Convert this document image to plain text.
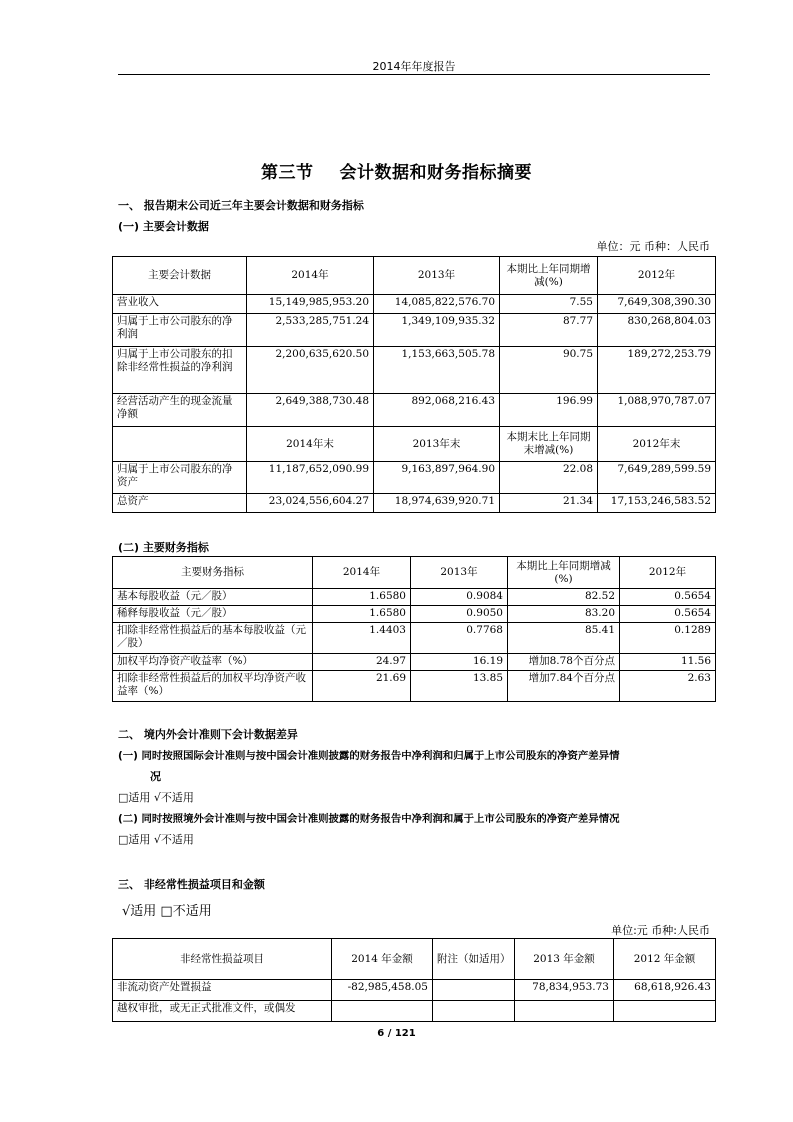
2014年年度报告
第三节 会计数据和财务指标摘要
一、 报告期末公司近三年主要会计数据和财务指标
(一) 主要会计数据
单位：元 币种：人民币
主要会计数据	2014年	2013年	本期比上年同期增减(%)	2012年
营业收入	15,149,985,953.20	14,085,822,576.70	7.55	7,649,308,390.30
归属于上市公司股东的净利润	2,533,285,751.24	1,349,109,935.32	87.77	830,268,804.03
归属于上市公司股东的扣除非经常性损益的净利润	2,200,635,620.50	1,153,663,505.78	90.75	189,272,253.79
经营活动产生的现金流量净额	2,649,388,730.48	892,068,216.43	196.99	1,088,970,787.07
	2014年末	2013年末	本期末比上年同期末增减(%)	2012年末
归属于上市公司股东的净资产	11,187,652,090.99	9,163,897,964.90	22.08	7,649,289,599.59
总资产	23,024,556,604.27	18,974,639,920.71	21.34	17,153,246,583.52
(二) 主要财务指标
主要财务指标	2014年	2013年	本期比上年同期增减(%)	2012年
基本每股收益（元／股）	1.6580	0.9084	82.52	0.5654
稀释每股收益（元／股）	1.6580	0.9050	83.20	0.5654
扣除非经常性损益后的基本每股收益（元／股）	1.4403	0.7768	85.41	0.1289
加权平均净资产收益率（%）	24.97	16.19	增加8.78个百分点	11.56
扣除非经常性损益后的加权平均净资产收益率（%）	21.69	13.85	增加7.84个百分点	2.63
二、 境内外会计准则下会计数据差异
(一) 同时按照国际会计准则与按中国会计准则披露的财务报告中净利润和归属于上市公司股东的净资产差异情
况
□适用 √不适用
(二) 同时按照境外会计准则与按中国会计准则披露的财务报告中净利润和属于上市公司股东的净资产差异情况
□适用 √不适用
三、 非经常性损益项目和金额
√适用 □不适用
单位:元 币种:人民币
非经常性损益项目	2014 年金额	附注（如适用）	2013 年金额	2012 年金额
非流动资产处置损益	-82,985,458.05		78,834,953.73	68,618,926.43
越权审批，或无正式批准文件，或偶发				
6 / 121
